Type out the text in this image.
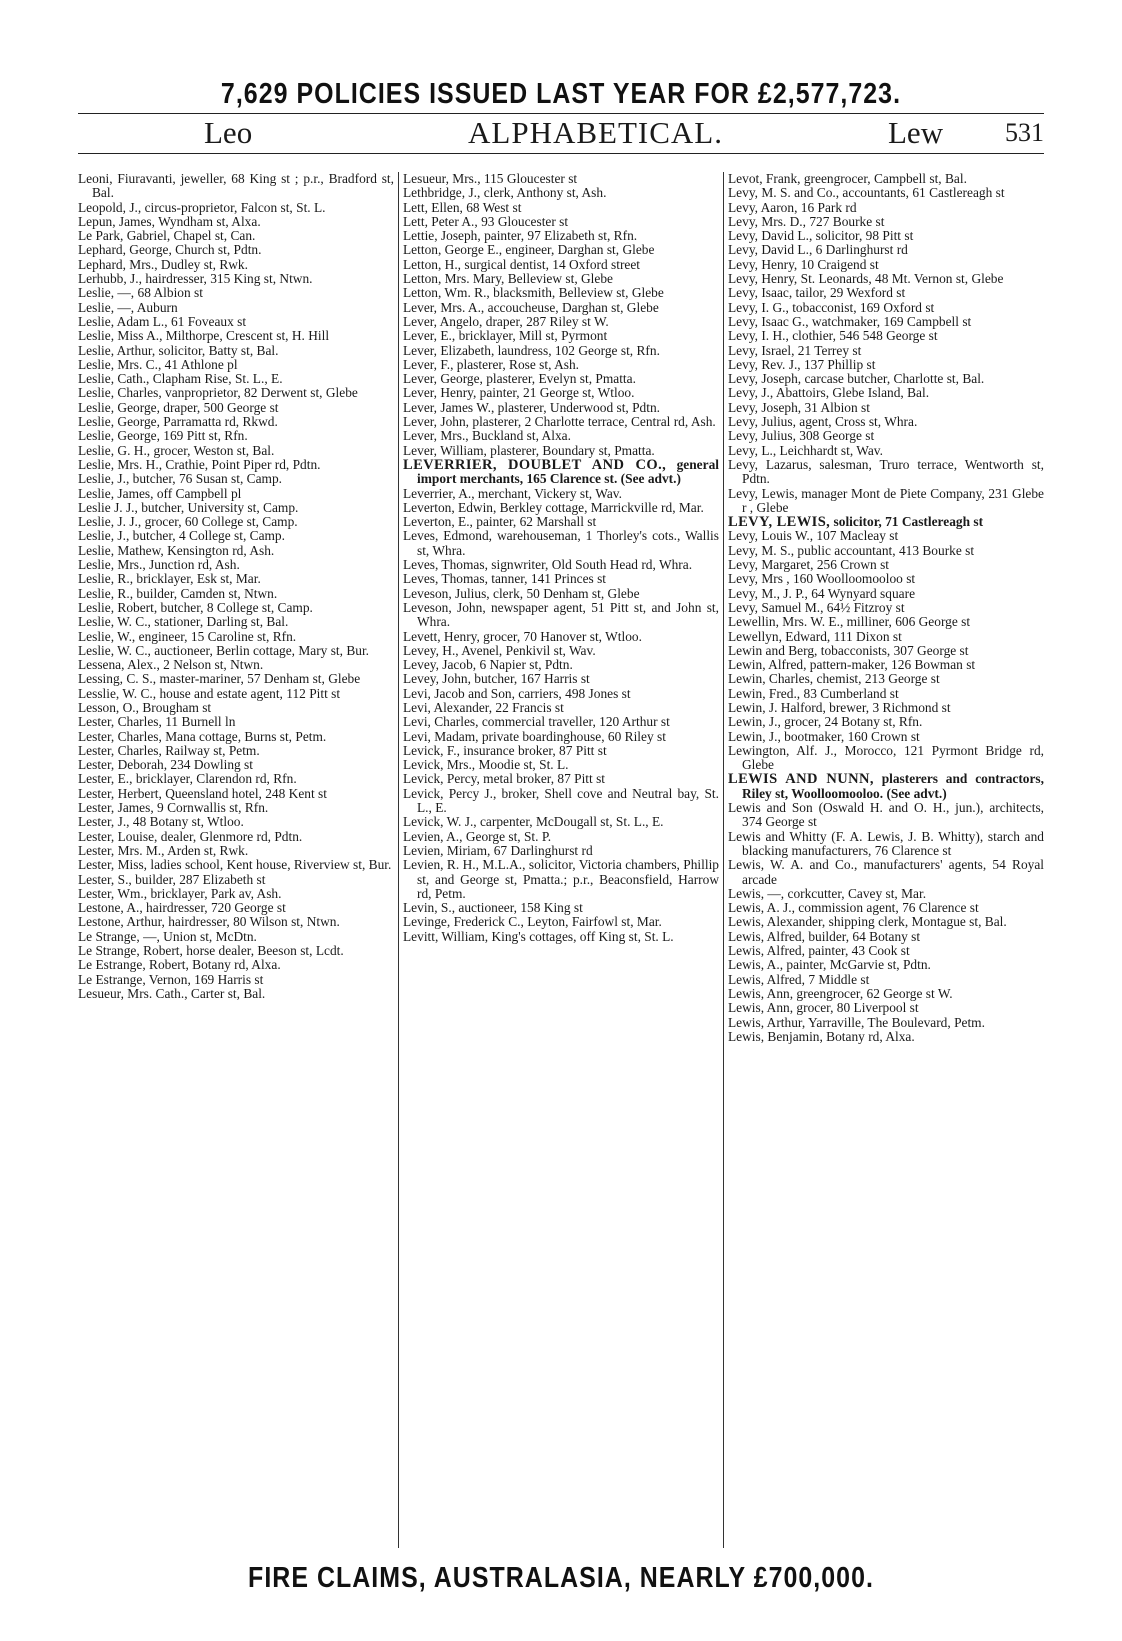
7,629 POLICIES ISSUED LAST YEAR FOR £2,577,723.
Leo	ALPHABETICAL.	Lew 531

Leoni, Fiuravanti, jeweller, 68 King st ; p.r., Bradford st, Bal.

Leopold, J., circus-proprietor, Falcon st, St. L.

Lepun, James, Wyndham st, Alxa.

Le Park, Gabriel, Chapel st, Can.

Lephard, George, Church st, Pdtn.

Lephard, Mrs., Dudley st, Rwk.

Lerhubb, J., hairdresser, 315 King st, Ntwn.

Leslie, —, 68 Albion st

Leslie, —, Auburn

Leslie, Adam L., 61 Foveaux st

Leslie, Miss A., Milthorpe, Crescent st, H. Hill

Leslie, Arthur, solicitor, Batty st, Bal.

Leslie, Mrs. C., 41 Athlone pl

Leslie, Cath., Clapham Rise, St. L., E.

Leslie, Charles, vanproprietor, 82 Derwent st, Glebe

Leslie, George, draper, 500 George st

Leslie, George, Parramatta rd, Rkwd.

Leslie, George, 169 Pitt st, Rfn.

Leslie, G. H., grocer, Weston st, Bal.

Leslie, Mrs. H., Crathie, Point Piper rd, Pdtn.

Leslie, J., butcher, 76 Susan st, Camp.

Leslie, James, off Campbell pl

Leslie J. J., butcher, University st, Camp.

Leslie, J. J., grocer, 60 College st, Camp.

Leslie, J., butcher, 4 College st, Camp.

Leslie, Mathew, Kensington rd, Ash.

Leslie, Mrs., Junction rd, Ash.

Leslie, R., bricklayer, Esk st, Mar.

Leslie, R., builder, Camden st, Ntwn.

Leslie, Robert, butcher, 8 College st, Camp.

Leslie, W. C., stationer, Darling st, Bal.

Leslie, W., engineer, 15 Caroline st, Rfn.

Leslie, W. C., auctioneer, Berlin cottage, Mary st, Bur.

Lessena, Alex., 2 Nelson st, Ntwn.

Lessing, C. S., master-mariner, 57 Denham st, Glebe

Lesslie, W. C., house and estate agent, 112 Pitt st

Lesson, O., Brougham st

Lester, Charles, 11 Burnell ln

Lester, Charles, Mana cottage, Burns st, Petm.

Lester, Charles, Railway st, Petm.

Lester, Deborah, 234 Dowling st

Lester, E., bricklayer, Clarendon rd, Rfn.

Lester, Herbert, Queensland hotel, 248 Kent st

Lester, James, 9 Cornwallis st, Rfn.

Lester, J., 48 Botany st, Wtloo.

Lester, Louise, dealer, Glenmore rd, Pdtn.

Lester, Mrs. M., Arden st, Rwk.

Lester, Miss, ladies school, Kent house, Riverview st, Bur.

Lester, S., builder, 287 Elizabeth st

Lester, Wm., bricklayer, Park av, Ash.

Lestone, A., hairdresser, 720 George st

Lestone, Arthur, hairdresser, 80 Wilson st, Ntwn.

Le Strange, —, Union st, McDtn.

Le Strange, Robert, horse dealer, Beeson st, Lcdt.

Le Estrange, Robert, Botany rd, Alxa.

Le Estrange, Vernon, 169 Harris st

Lesueur, Mrs. Cath., Carter st, Bal.

Lesueur, Mrs., 115 Gloucester st

Lethbridge, J., clerk, Anthony st, Ash.

Lett, Ellen, 68 West st

Lett, Peter A., 93 Gloucester st

Lettie, Joseph, painter, 97 Elizabeth st, Rfn.

Letton, George E., engineer, Darghan st, Glebe

Letton, H., surgical dentist, 14 Oxford street

Letton, Mrs. Mary, Belleview st, Glebe

Letton, Wm. R., blacksmith, Belleview st, Glebe

Lever, Mrs. A., accoucheuse, Darghan st, Glebe

Lever, Angelo, draper, 287 Riley st W.

Lever, E., bricklayer, Mill st, Pyrmont

Lever, Elizabeth, laundress, 102 George st, Rfn.

Lever, F., plasterer, Rose st, Ash.

Lever, George, plasterer, Evelyn st, Pmatta.

Lever, Henry, painter, 21 George st, Wtloo.

Lever, James W., plasterer, Underwood st, Pdtn.

Lever, John, plasterer, 2 Charlotte terrace, Central rd, Ash.

Lever, Mrs., Buckland st, Alxa.

Lever, William, plasterer, Boundary st, Pmatta.

LEVERRIER, DOUBLET AND CO., general import merchants, 165 Clarence st. (See advt.)

Leverrier, A., merchant, Vickery st, Wav.

Leverton, Edwin, Berkley cottage, Marrickville rd, Mar.

Leverton, E., painter, 62 Marshall st

Leves, Edmond, warehouseman, 1 Thorley's cots., Wallis st, Whra.

Leves, Thomas, signwriter, Old South Head rd, Whra.

Leves, Thomas, tanner, 141 Princes st

Leveson, Julius, clerk, 50 Denham st, Glebe

Leveson, John, newspaper agent, 51 Pitt st, and John st, Whra.

Levett, Henry, grocer, 70 Hanover st, Wtloo.

Levey, H., Avenel, Penkivil st, Wav.

Levey, Jacob, 6 Napier st, Pdtn.

Levey, John, butcher, 167 Harris st

Levi, Jacob and Son, carriers, 498 Jones st

Levi, Alexander, 22 Francis st

Levi, Charles, commercial traveller, 120 Arthur st

Levi, Madam, private boardinghouse, 60 Riley st

Levick, F., insurance broker, 87 Pitt st

Levick, Mrs., Moodie st, St. L.

Levick, Percy, metal broker, 87 Pitt st

Levick, Percy J., broker, Shell cove and Neutral bay, St. L., E.

Levick, W. J., carpenter, McDougall st, St. L., E.

Levien, A., George st, St. P.

Levien, Miriam, 67 Darlinghurst rd

Levien, R. H., M.L.A., solicitor, Victoria chambers, Phillip st, and George st, Pmatta.; p.r., Beaconsfield, Harrow rd, Petm.

Levin, S., auctioneer, 158 King st

Levinge, Frederick C., Leyton, Fairfowl st, Mar.

Levitt, William, King's cottages, off King st, St. L.

Levot, Frank, greengrocer, Campbell st, Bal.

Levy, M. S. and Co., accountants, 61 Castlereagh st

Levy, Aaron, 16 Park rd

Levy, Mrs. D., 727 Bourke st

Levy, David L., solicitor, 98 Pitt st

Levy, David L., 6 Darlinghurst rd

Levy, Henry, 10 Craigend st

Levy, Henry, St. Leonards, 48 Mt. Vernon st, Glebe

Levy, Isaac, tailor, 29 Wexford st

Levy, I. G., tobacconist, 169 Oxford st

Levy, Isaac G., watchmaker, 169 Campbell st

Levy, I. H., clothier, 546 548 George st

Levy, Israel, 21 Terrey st

Levy, Rev. J., 137 Phillip st

Levy, Joseph, carcase butcher, Charlotte st, Bal.

Levy, J., Abattoirs, Glebe Island, Bal.

Levy, Joseph, 31 Albion st

Levy, Julius, agent, Cross st, Whra.

Levy, Julius, 308 George st

Levy, L., Leichhardt st, Wav.

Levy, Lazarus, salesman, Truro terrace, Wentworth st, Pdtn.

Levy, Lewis, manager Mont de Piete Company, 231 Glebe r , Glebe

LEVY, LEWIS, solicitor, 71 Castlereagh st

Levy, Louis W., 107 Macleay st

Levy, M. S., public accountant, 413 Bourke st

Levy, Margaret, 256 Crown st

Levy, Mrs , 160 Woolloomooloo st

Levy, M., J. P., 64 Wynyard square

Levy, Samuel M., 64½ Fitzroy st

Lewellin, Mrs. W. E., milliner, 606 George st

Lewellyn, Edward, 111 Dixon st

Lewin and Berg, tobacconists, 307 George st

Lewin, Alfred, pattern-maker, 126 Bowman st

Lewin, Charles, chemist, 213 George st

Lewin, Fred., 83 Cumberland st

Lewin, J. Halford, brewer, 3 Richmond st

Lewin, J., grocer, 24 Botany st, Rfn.

Lewin, J., bootmaker, 160 Crown st

Lewington, Alf. J., Morocco, 121 Pyrmont Bridge rd, Glebe

LEWIS AND NUNN, plasterers and contractors, Riley st, Woolloomooloo. (See advt.)

Lewis and Son (Oswald H. and O. H., jun.), architects, 374 George st

Lewis and Whitty (F. A. Lewis, J. B. Whitty), starch and blacking manufacturers, 76 Clarence st

Lewis, W. A. and Co., manufacturers' agents, 54 Royal arcade

Lewis, —, corkcutter, Cavey st, Mar.

Lewis, A. J., commission agent, 76 Clarence st

Lewis, Alexander, shipping clerk, Montague st, Bal.

Lewis, Alfred, builder, 64 Botany st

Lewis, Alfred, painter, 43 Cook st

Lewis, A., painter, McGarvie st, Pdtn.

Lewis, Alfred, 7 Middle st

Lewis, Ann, greengrocer, 62 George st W.

Lewis, Ann, grocer, 80 Liverpool st

Lewis, Arthur, Yarraville, The Boulevard, Petm.

Lewis, Benjamin, Botany rd, Alxa.

FIRE CLAIMS, AUSTRALASIA, NEARLY £700,000.
